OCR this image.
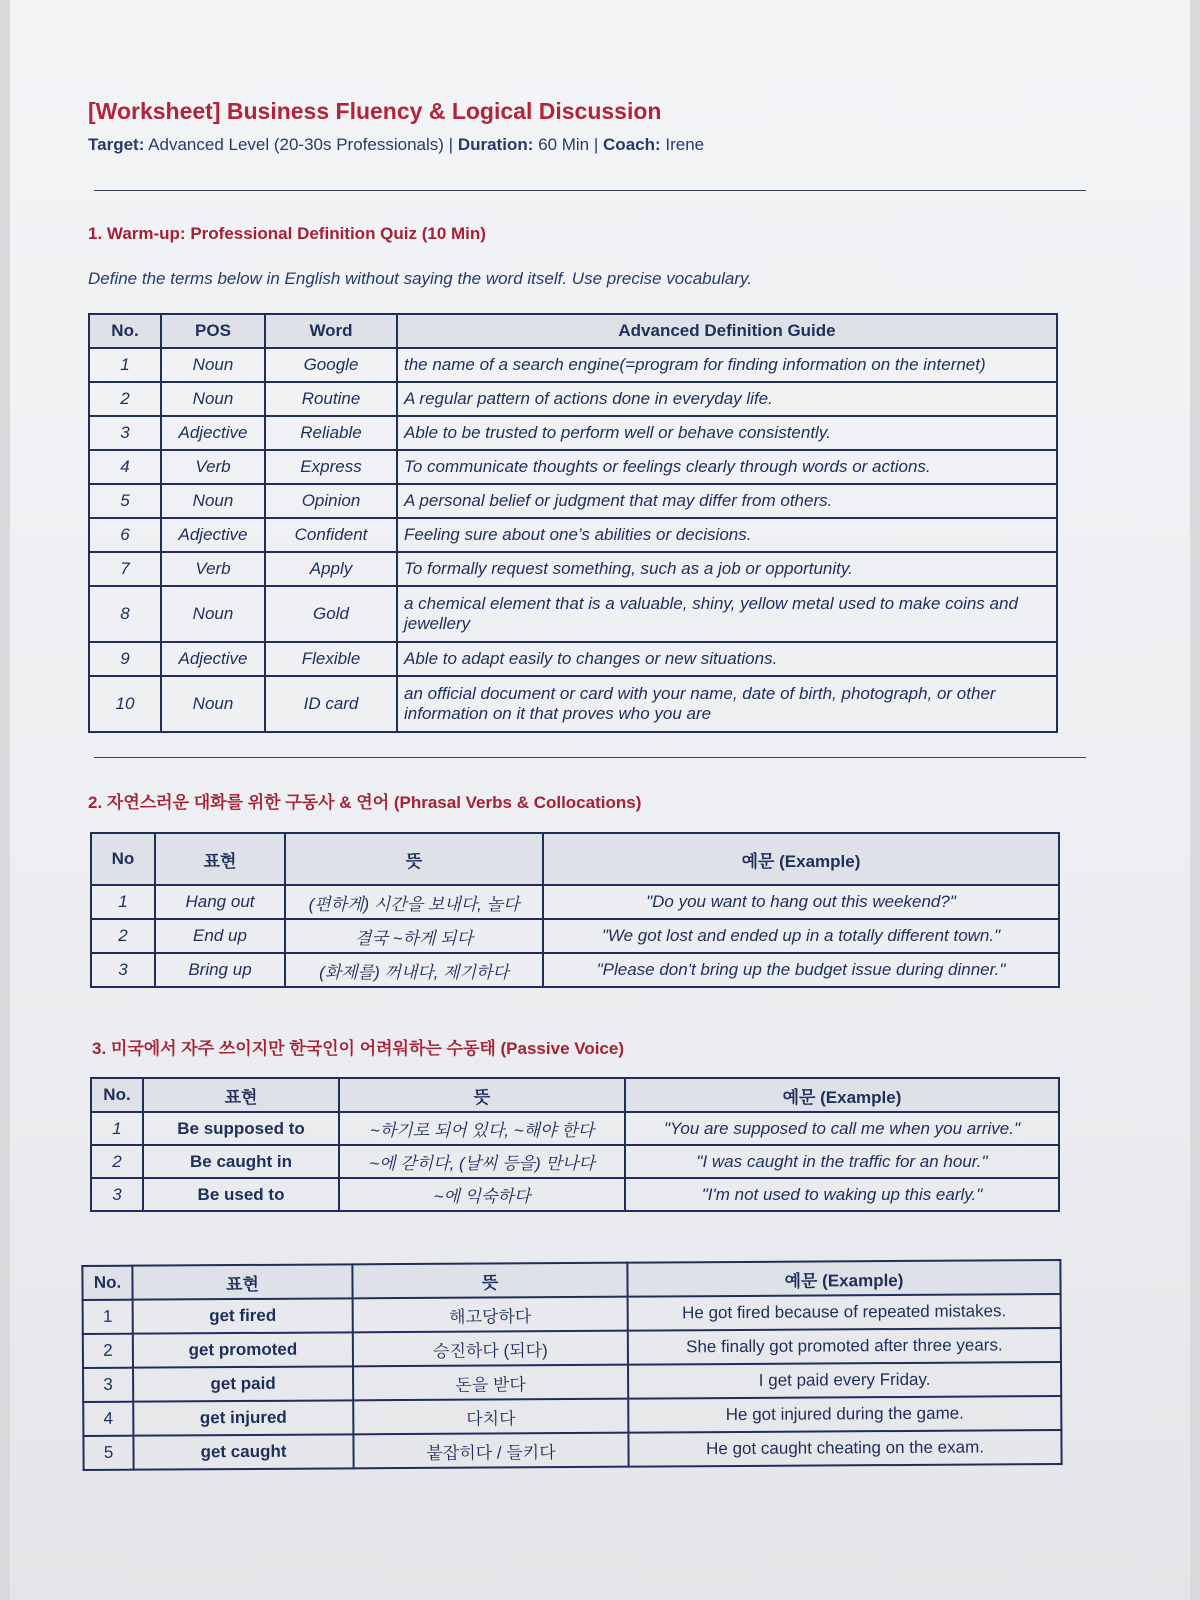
[Worksheet] Business Fluency & Logical Discussion
Target: Advanced Level (20-30s Professionals) | Duration: 60 Min | Coach: Irene
1. Warm-up: Professional Definition Quiz (10 Min)
Define the terms below in English without saying the word itself. Use precise vocabulary.
No.	POS	Word	Advanced Definition Guide
1	Noun	Google	the name of a search engine(=program for finding information on the internet)
2	Noun	Routine	A regular pattern of actions done in everyday life.
3	Adjective	Reliable	Able to be trusted to perform well or behave consistently.
4	Verb	Express	To communicate thoughts or feelings clearly through words or actions.
5	Noun	Opinion	A personal belief or judgment that may differ from others.
6	Adjective	Confident	Feeling sure about one’s abilities or decisions.
7	Verb	Apply	To formally request something, such as a job or opportunity.
8	Noun	Gold	a chemical element that is a valuable, shiny, yellow metal used to make coins and jewellery
9	Adjective	Flexible	Able to adapt easily to changes or new situations.
10	Noun	ID card	an official document or card with your name, date of birth, photograph, or other information on it that proves who you are
2. 자연스러운 대화를 위한 구동사 & 연어 (Phrasal Verbs & Collocations)
No	표현	뜻	예문 (Example)
1	Hang out	(편하게) 시간을 보내다, 놀다	"Do you want to hang out this weekend?"
2	End up	결국 ~하게 되다	"We got lost and ended up in a totally different town."
3	Bring up	(화제를) 꺼내다, 제기하다	"Please don't bring up the budget issue during dinner."
3. 미국에서 자주 쓰이지만 한국인이 어려워하는 수동태 (Passive Voice)
No.	표현	뜻	예문 (Example)
1	Be supposed to	~하기로 되어 있다, ~해야 한다	"You are supposed to call me when you arrive."
2	Be caught in	~에 갇히다, (날씨 등을) 만나다	"I was caught in the traffic for an hour."
3	Be used to	~에 익숙하다	"I'm not used to waking up this early."
No.	표현	뜻	예문 (Example)
1	get fired	해고당하다	He got fired because of repeated mistakes.
2	get promoted	승진하다 (되다)	She finally got promoted after three years.
3	get paid	돈을 받다	I get paid every Friday.
4	get injured	다치다	He got injured during the game.
5	get caught	붙잡히다 / 들키다	He got caught cheating on the exam.
